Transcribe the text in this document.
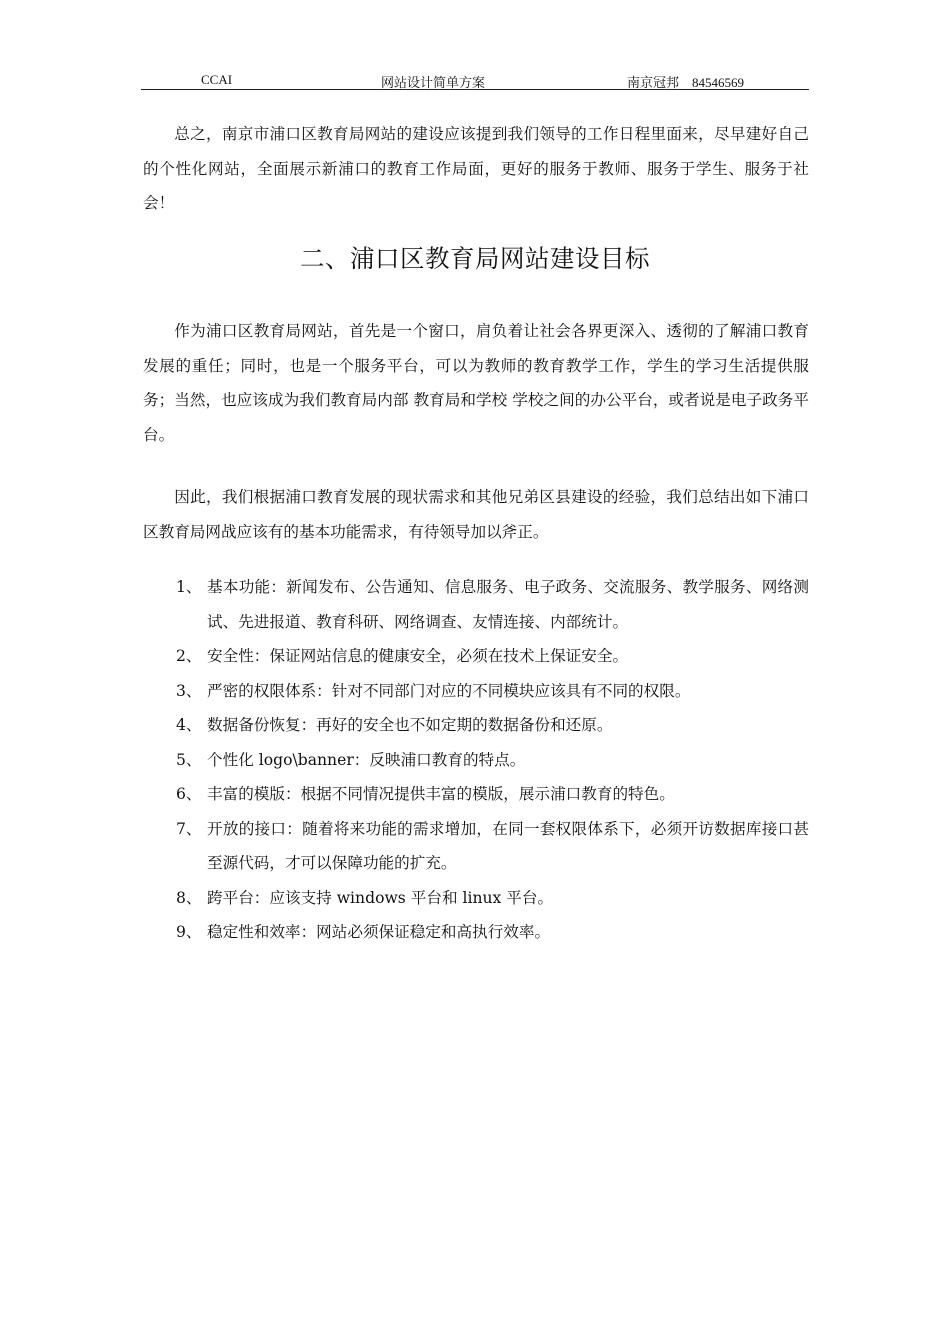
CCAI	网站设计简单方案	南京冠邦　84546569

总之，南京市浦口区教育局网站的建设应该提到我们领导的工作日程里面来，尽早建好自己的个性化网站，全面展示新浦口的教育工作局面，更好的服务于教师、服务于学生、服务于社会！

二、浦口区教育局网站建设目标

作为浦口区教育局网站，首先是一个窗口，肩负着让社会各界更深入、透彻的了解浦口教育发展的重任；同时，也是一个服务平台，可以为教师的教育教学工作，学生的学习生活提供服务；当然，也应该成为我们教育局内部 教育局和学校 学校之间的办公平台，或者说是电子政务平台。

因此，我们根据浦口教育发展的现状需求和其他兄弟区县建设的经验，我们总结出如下浦口区教育局网战应该有的基本功能需求，有待领导加以斧正。

1、 基本功能：新闻发布、公告通知、信息服务、电子政务、交流服务、教学服务、网络测试、先进报道、教育科研、网络调查、友情连接、内部统计。
2、 安全性：保证网站信息的健康安全，必须在技术上保证安全。
3、 严密的权限体系：针对不同部门对应的不同模块应该具有不同的权限。
4、 数据备份恢复：再好的安全也不如定期的数据备份和还原。
5、 个性化 logo\banner：反映浦口教育的特点。
6、 丰富的模版：根据不同情况提供丰富的模版，展示浦口教育的特色。
7、 开放的接口：随着将来功能的需求增加，在同一套权限体系下，必须开访数据库接口甚至源代码，才可以保障功能的扩充。
8、 跨平台：应该支持 windows 平台和 linux 平台。
9、 稳定性和效率：网站必须保证稳定和高执行效率。
